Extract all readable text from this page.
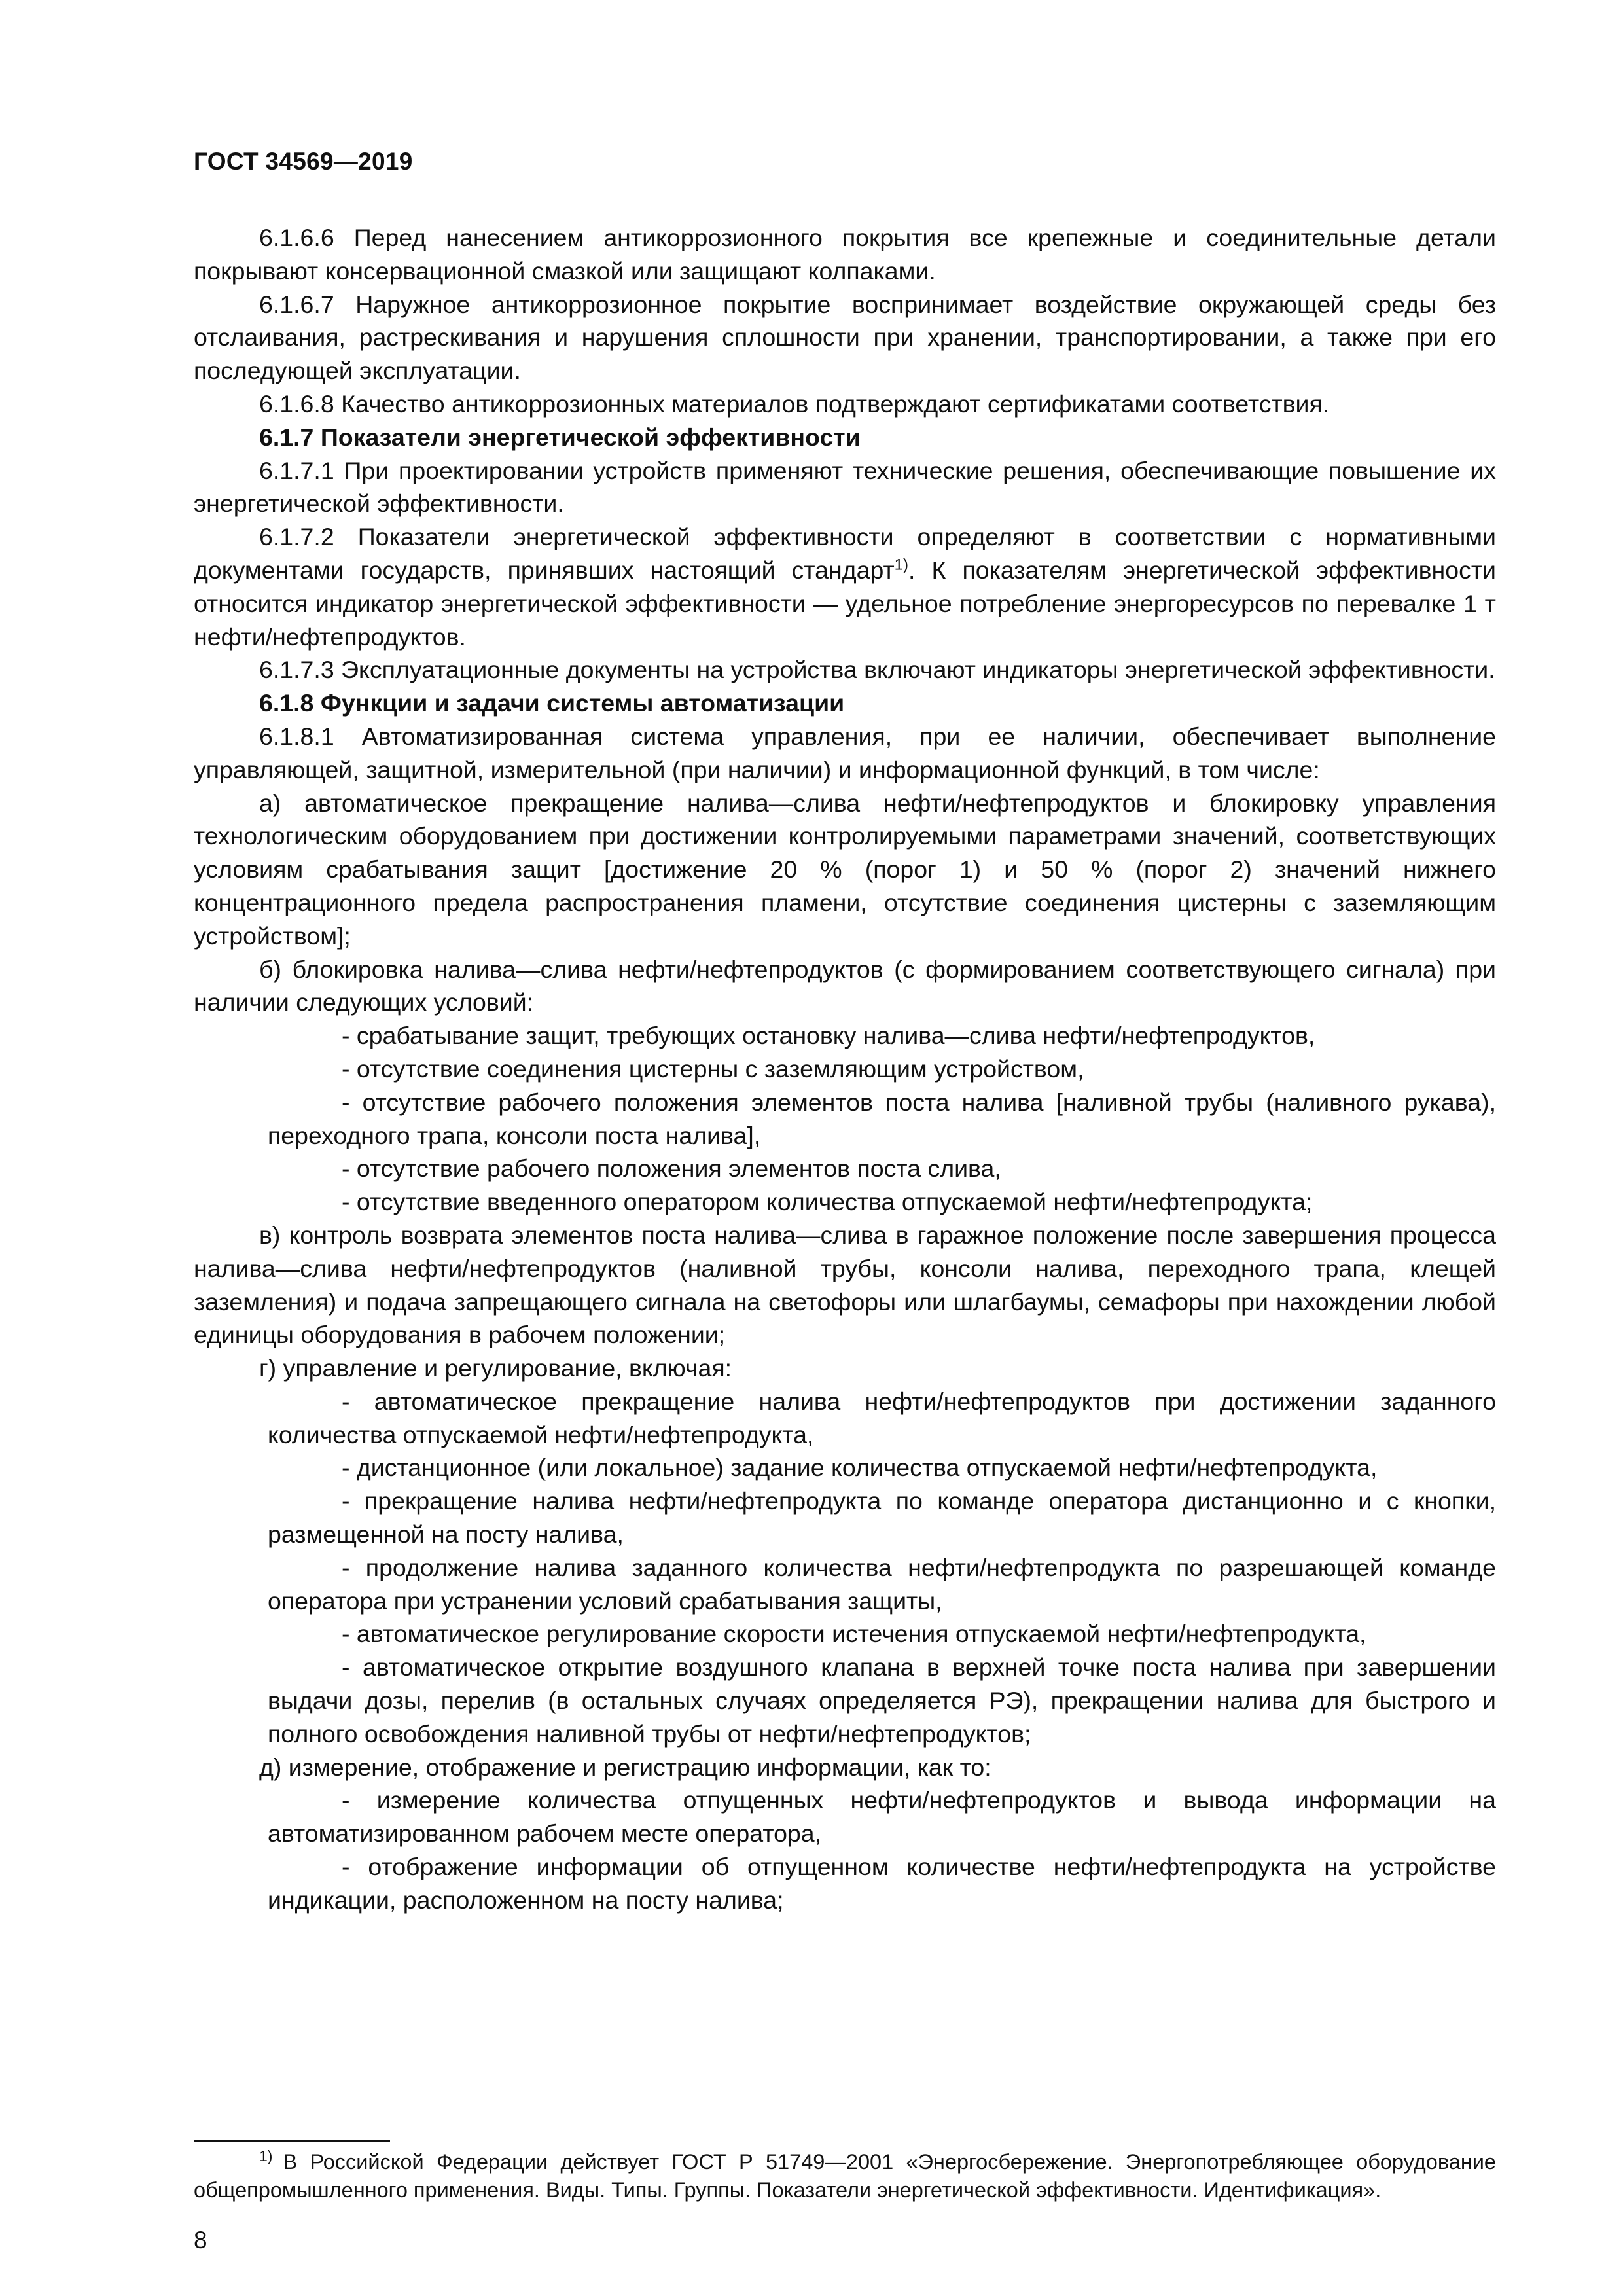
ГОСТ 34569—2019

6.1.6.6 Перед нанесением антикоррозионного покрытия все крепежные и соединительные детали покрывают консервационной смазкой или защищают колпаками.

6.1.6.7 Наружное антикоррозионное покрытие воспринимает воздействие окружающей среды без отслаивания, растрескивания и нарушения сплошности при хранении, транспортировании, а также при его последующей эксплуатации.

6.1.6.8 Качество антикоррозионных материалов подтверждают сертификатами соответствия.

6.1.7 Показатели энергетической эффективности

6.1.7.1 При проектировании устройств применяют технические решения, обеспечивающие повышение их энергетической эффективности.

6.1.7.2 Показатели энергетической эффективности определяют в соответствии с нормативными документами государств, принявших настоящий стандарт$^{1)}$. К показателям энергетической эффективности относится индикатор энергетической эффективности — удельное потребление энергоресурсов по перевалке 1 т нефти/нефтепродуктов.

6.1.7.3 Эксплуатационные документы на устройства включают индикаторы энергетической эффективности.

6.1.8 Функции и задачи системы автоматизации

6.1.8.1 Автоматизированная система управления, при ее наличии, обеспечивает выполнение управляющей, защитной, измерительной (при наличии) и информационной функций, в том числе:

а) автоматическое прекращение налива—слива нефти/нефтепродуктов и блокировку управления технологическим оборудованием при достижении контролируемыми параметрами значений, соответствующих условиям срабатывания защит [достижение 20 % (порог 1) и 50 % (порог 2) значений нижнего концентрационного предела распространения пламени, отсутствие соединения цистерны с заземляющим устройством];

б) блокировка налива—слива нефти/нефтепродуктов (с формированием соответствующего сигнала) при наличии следующих условий:

- срабатывание защит, требующих остановку налива—слива нефти/нефтепродуктов,

- отсутствие соединения цистерны с заземляющим устройством,

- отсутствие рабочего положения элементов поста налива [наливной трубы (наливного рукава), переходного трапа, консоли поста налива],

- отсутствие рабочего положения элементов поста слива,

- отсутствие введенного оператором количества отпускаемой нефти/нефтепродукта;

в) контроль возврата элементов поста налива—слива в гаражное положение после завершения процесса налива—слива нефти/нефтепродуктов (наливной трубы, консоли налива, переходного трапа, клещей заземления) и подача запрещающего сигнала на светофоры или шлагбаумы, семафоры при нахождении любой единицы оборудования в рабочем положении;

г) управление и регулирование, включая:

- автоматическое прекращение налива нефти/нефтепродуктов при достижении заданного количества отпускаемой нефти/нефтепродукта,

- дистанционное (или локальное) задание количества отпускаемой нефти/нефтепродукта,

- прекращение налива нефти/нефтепродукта по команде оператора дистанционно и с кнопки, размещенной на посту налива,

- продолжение налива заданного количества нефти/нефтепродукта по разрешающей команде оператора при устранении условий срабатывания защиты,

- автоматическое регулирование скорости истечения отпускаемой нефти/нефтепродукта,

- автоматическое открытие воздушного клапана в верхней точке поста налива при завершении выдачи дозы, перелив (в остальных случаях определяется РЭ), прекращении налива для быстрого и полного освобождения наливной трубы от нефти/нефтепродуктов;

д) измерение, отображение и регистрацию информации, как то:

- измерение количества отпущенных нефти/нефтепродуктов и вывода информации на автоматизированном рабочем месте оператора,

- отображение информации об отпущенном количестве нефти/нефтепродукта на устройстве индикации, расположенном на посту налива;

$^{1)}$ В Российской Федерации действует ГОСТ Р 51749—2001 «Энергосбережение. Энергопотребляющее оборудование общепромышленного применения. Виды. Типы. Группы. Показатели энергетической эффективности. Идентификация».
8
